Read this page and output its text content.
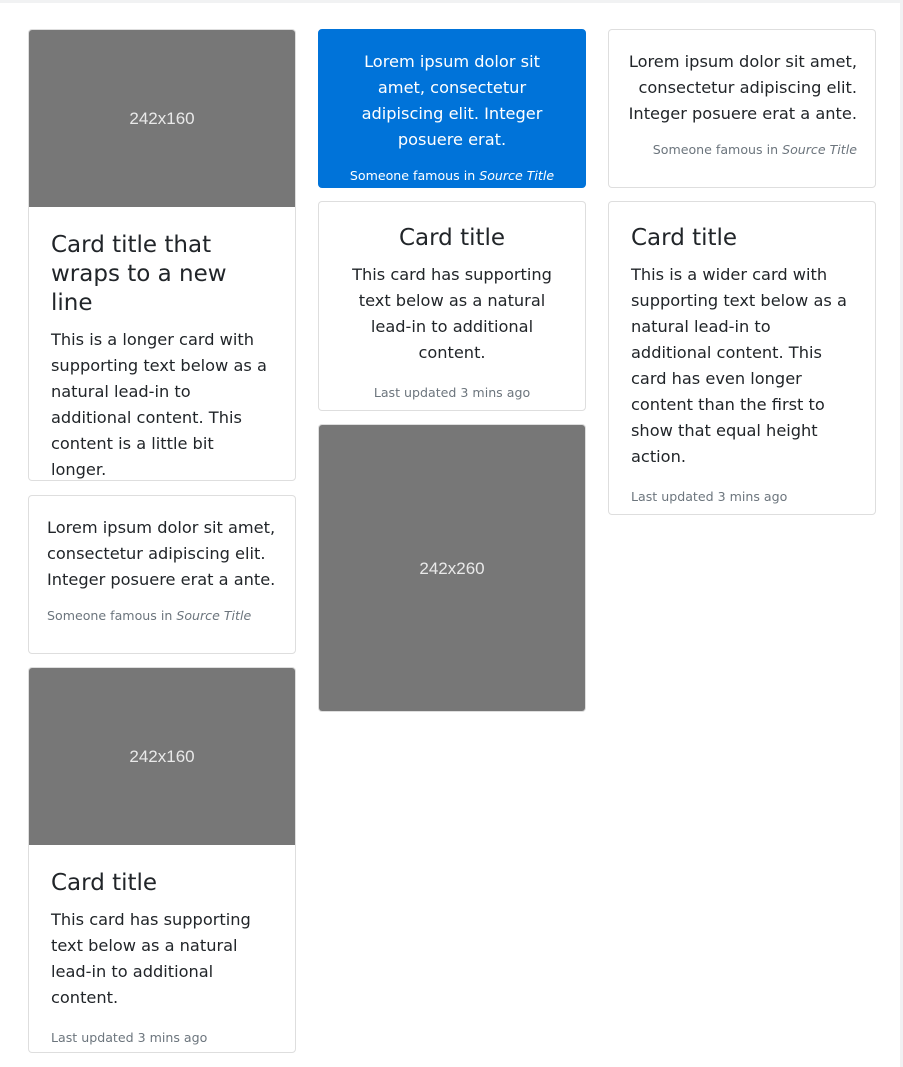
242x160
Card title that wraps to a new line

This is a longer card with supporting text below as a natural lead-in to additional content. This content is a little bit longer.

Lorem ipsum dolor sit amet, consectetur adipiscing elit. Integer posuere erat a ante.

Someone famous in Source Title

242x160
Card title

This card has supporting text below as a natural lead-in to additional content.

Last updated 3 mins ago

Lorem ipsum dolor sit amet, consectetur adipiscing elit. Integer posuere erat.

Someone famous in Source Title

Card title

This card has supporting text below as a natural lead-in to additional content.

Last updated 3 mins ago

242x260

Lorem ipsum dolor sit amet, consectetur adipiscing elit. Integer posuere erat a ante.

Someone famous in Source Title

Card title

This is a wider card with supporting text below as a natural lead-in to additional content. This card has even longer content than the first to show that equal height action.

Last updated 3 mins ago
